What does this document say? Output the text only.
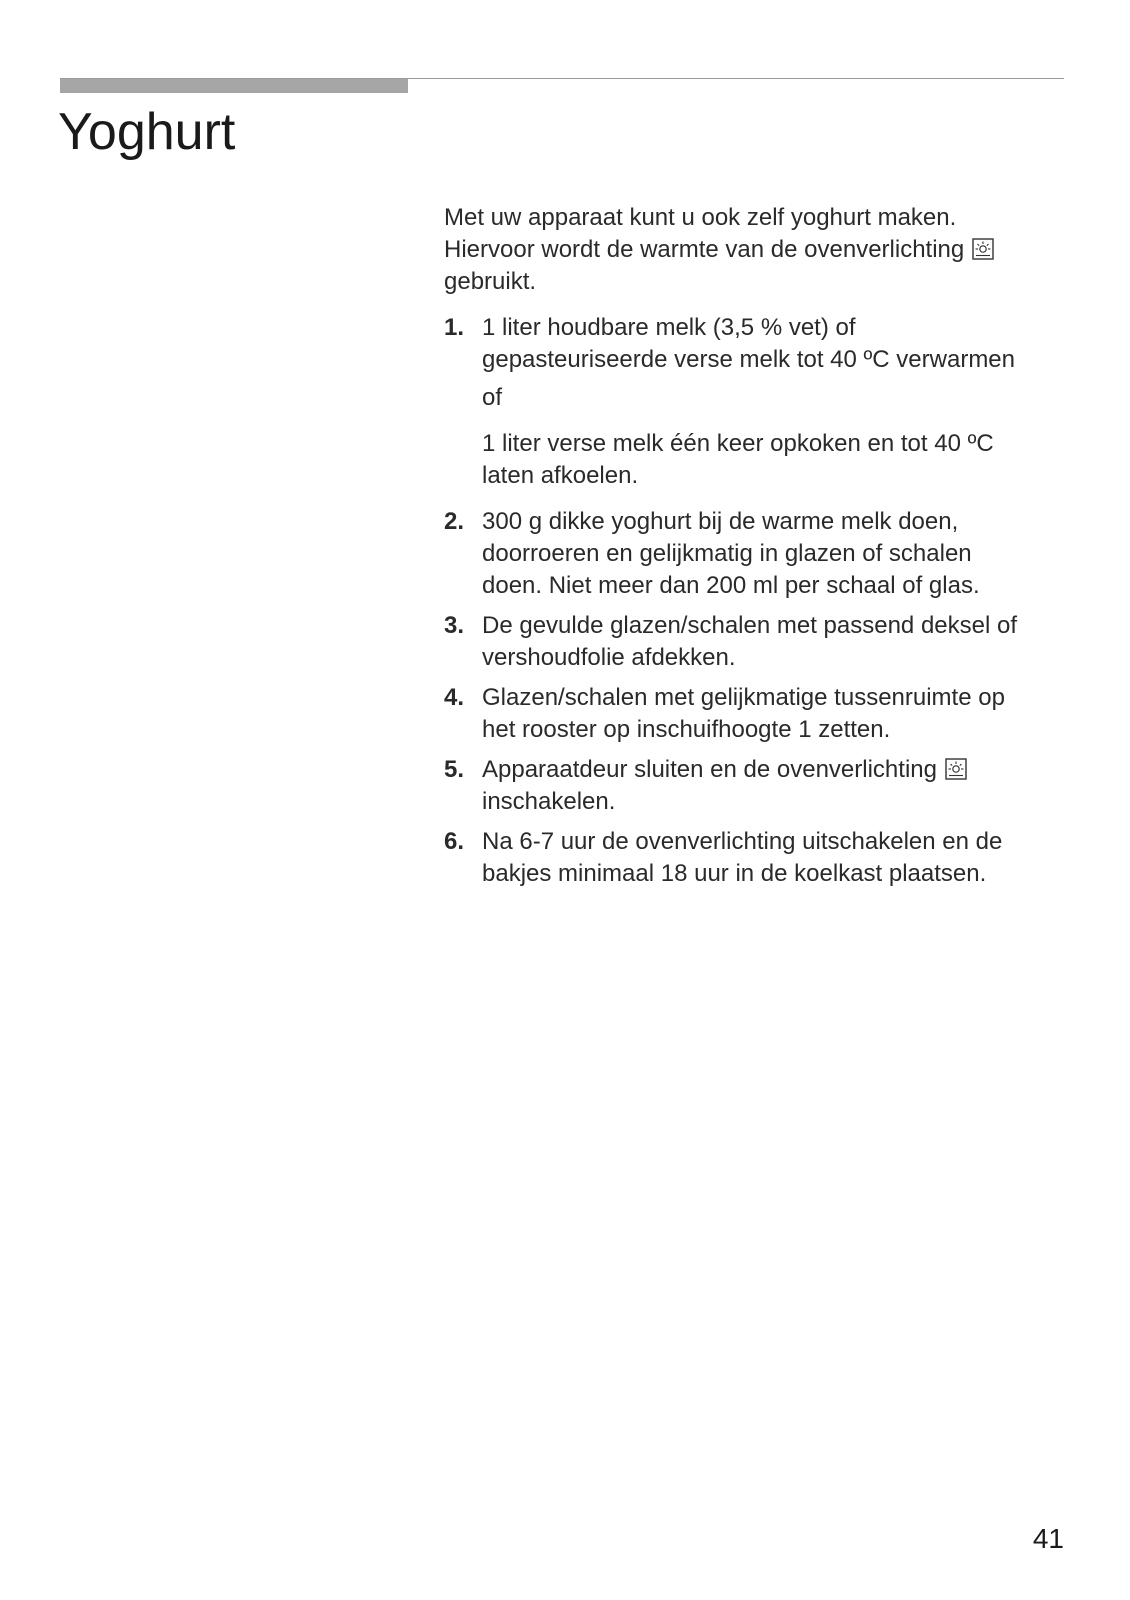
Yoghurt

Met uw apparaat kunt u ook zelf yoghurt maken.
Hiervoor wordt de warmte van de ovenverlichting
gebruikt.

1. 1 liter houdbare melk (3,5 % vet) of
gepasteuriseerde verse melk tot 40 ºC verwarmen
of
1 liter verse melk één keer opkoken en tot 40 ºC
laten afkoelen.
2. 300 g dikke yoghurt bij de warme melk doen,
doorroeren en gelijkmatig in glazen of schalen
doen. Niet meer dan 200 ml per schaal of glas.
3. De gevulde glazen/schalen met passend deksel of
vershoudfolie afdekken.
4. Glazen/schalen met gelijkmatige tussenruimte op
het rooster op inschuifhoogte 1 zetten.
5. Apparaatdeur sluiten en de ovenverlichting
inschakelen.
6. Na 6-7 uur de ovenverlichting uitschakelen en de
bakjes minimaal 18 uur in de koelkast plaatsen.
41
